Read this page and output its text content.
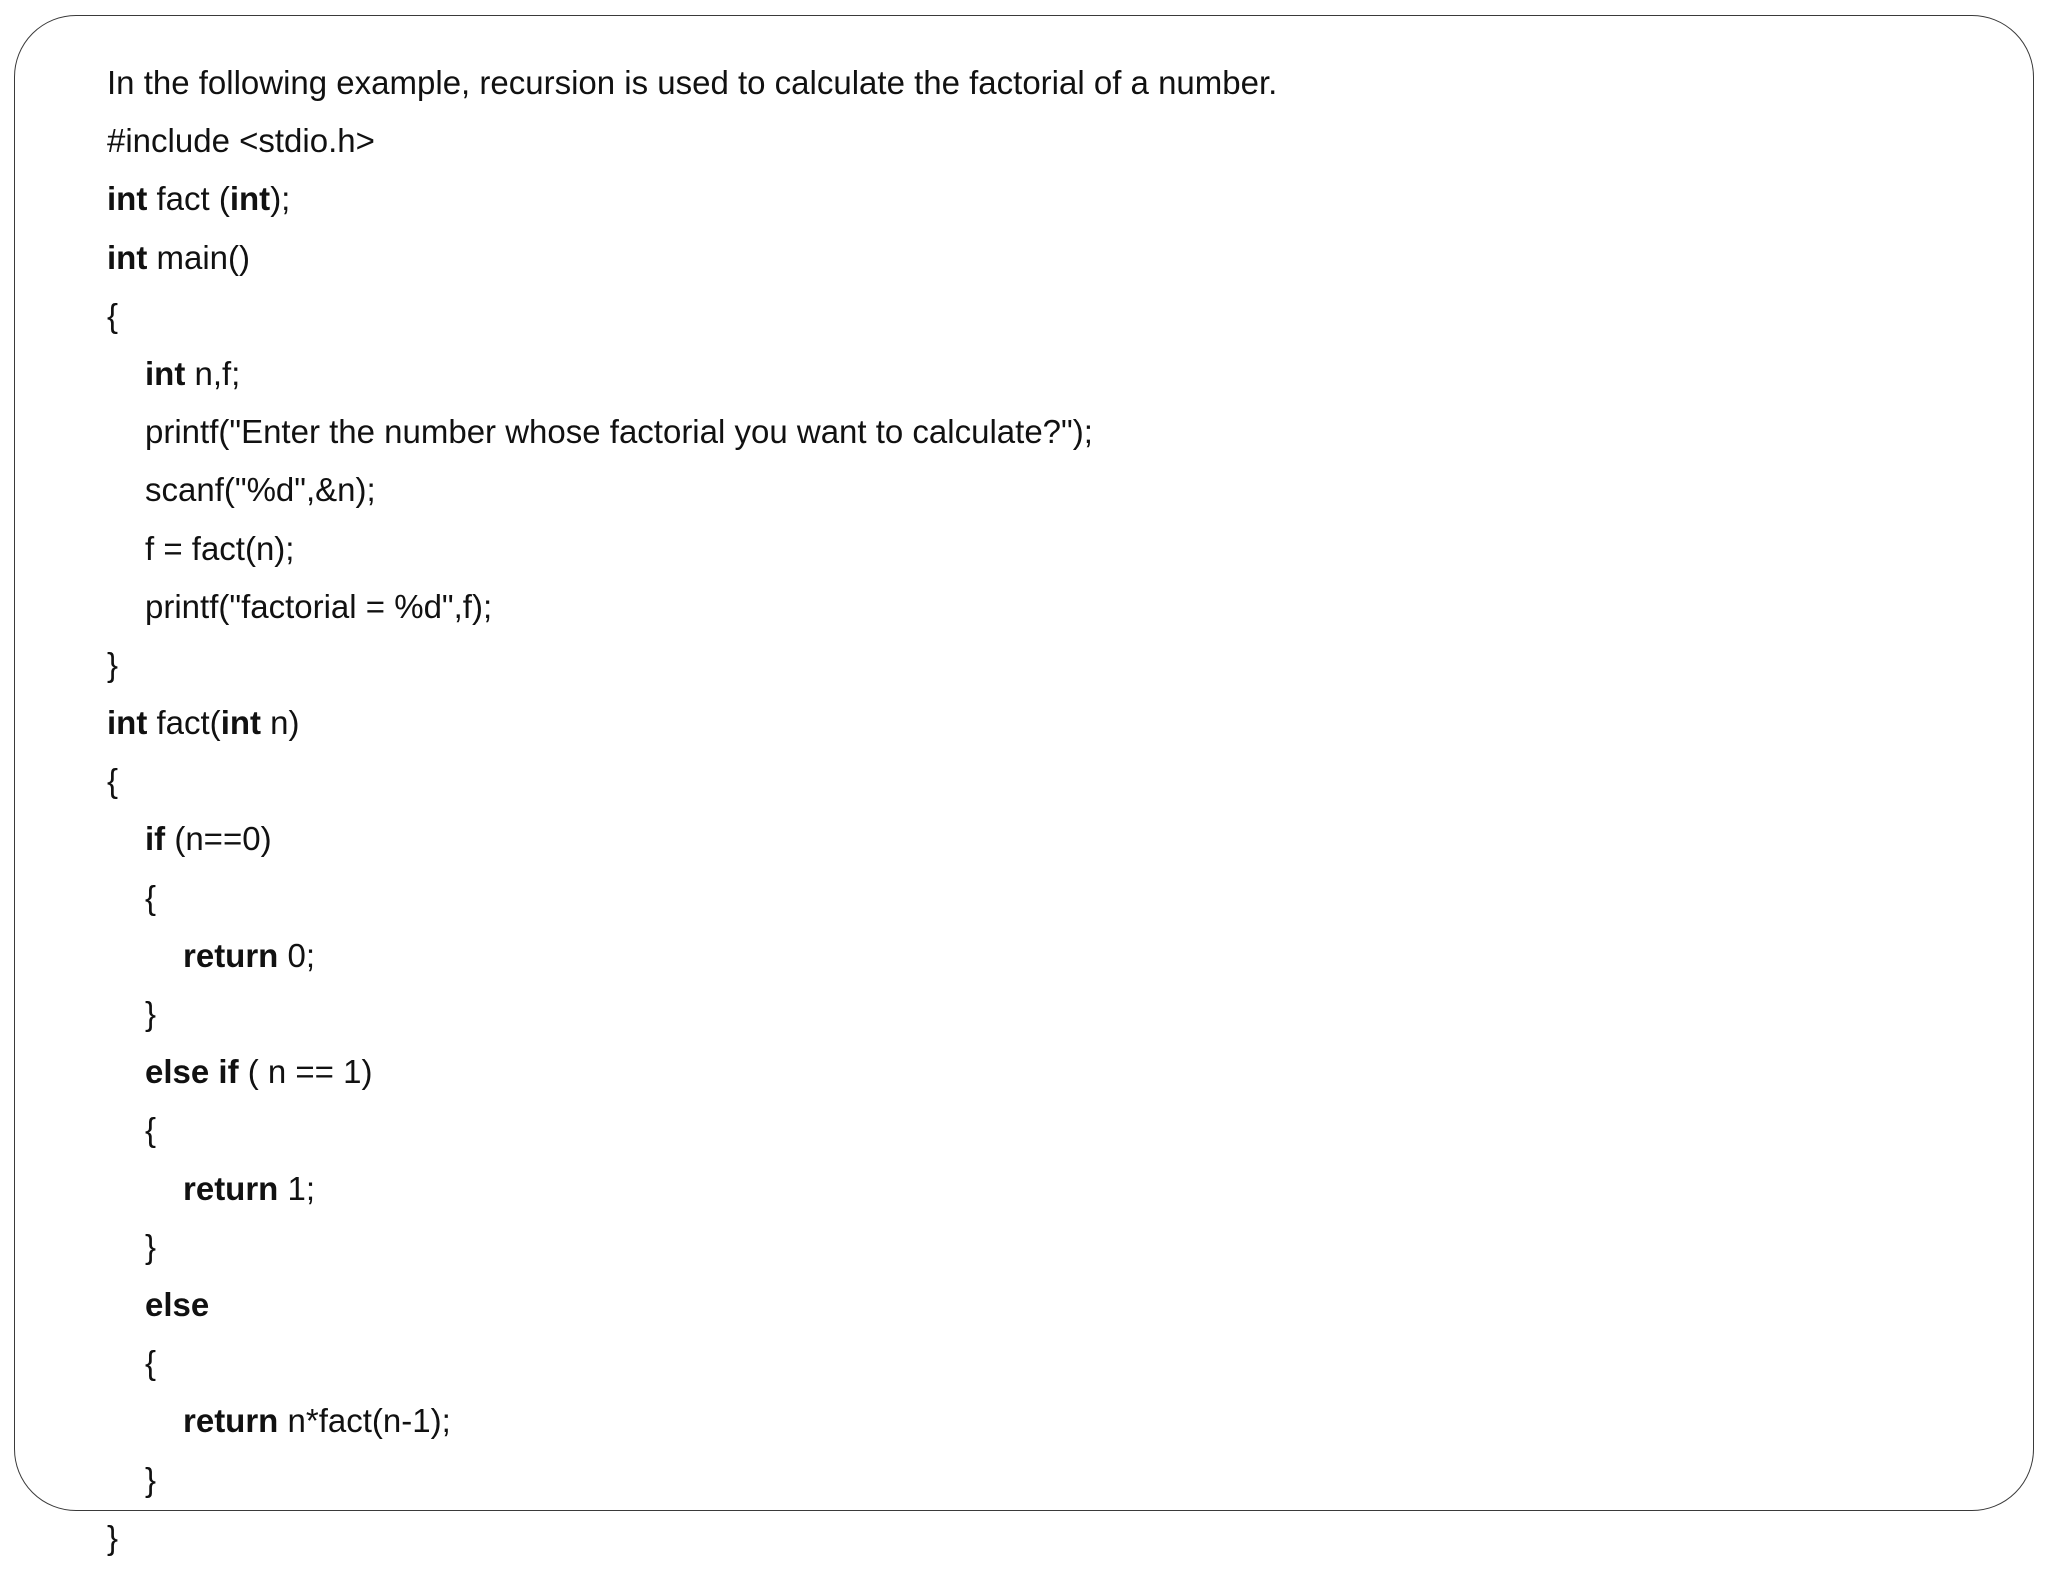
In the following example, recursion is used to calculate the factorial of a number.
#include <stdio.h>
int fact (int);
int main()
{
int n,f;
printf("Enter the number whose factorial you want to calculate?");
scanf("%d",&n);
f = fact(n);
printf("factorial = %d",f);
}
int fact(int n)
{
if (n==0)
{
return 0;
}
else if ( n == 1)
{
return 1;
}
else
{
return n*fact(n-1);
}
}
